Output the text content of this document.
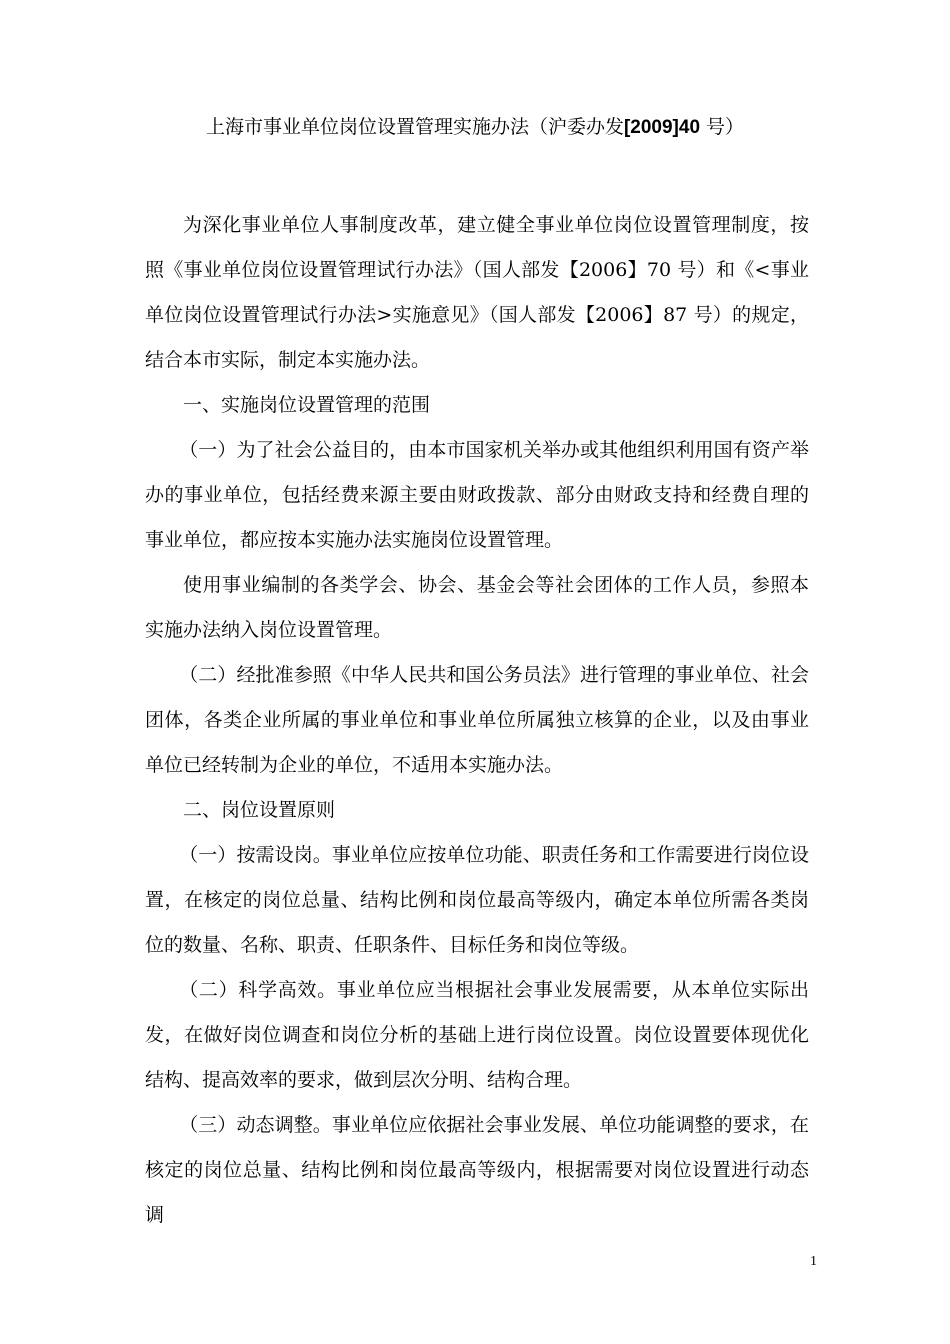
上海市事业单位岗位设置管理实施办法（沪委办发[2009]40 号）

为深化事业单位人事制度改革，建立健全事业单位岗位设置管理制度，按照《事业单位岗位设置管理试行办法》（国人部发【2006】70 号）和《<事业单位岗位设置管理试行办法>实施意见》（国人部发【2006】87 号）的规定，结合本市实际，制定本实施办法。

一、实施岗位设置管理的范围

（一）为了社会公益目的，由本市国家机关举办或其他组织利用国有资产举办的事业单位，包括经费来源主要由财政拨款、部分由财政支持和经费自理的事业单位，都应按本实施办法实施岗位设置管理。

使用事业编制的各类学会、协会、基金会等社会团体的工作人员，参照本实施办法纳入岗位设置管理。

（二）经批准参照《中华人民共和国公务员法》进行管理的事业单位、社会团体，各类企业所属的事业单位和事业单位所属独立核算的企业，以及由事业单位已经转制为企业的单位，不适用本实施办法。

二、岗位设置原则

（一）按需设岗。事业单位应按单位功能、职责任务和工作需要进行岗位设置，在核定的岗位总量、结构比例和岗位最高等级内，确定本单位所需各类岗位的数量、名称、职责、任职条件、目标任务和岗位等级。

（二）科学高效。事业单位应当根据社会事业发展需要，从本单位实际出发，在做好岗位调查和岗位分析的基础上进行岗位设置。岗位设置要体现优化结构、提高效率的要求，做到层次分明、结构合理。

（三）动态调整。事业单位应依据社会事业发展、单位功能调整的要求，在核定的岗位总量、结构比例和岗位最高等级内，根据需要对岗位设置进行动态调

1
